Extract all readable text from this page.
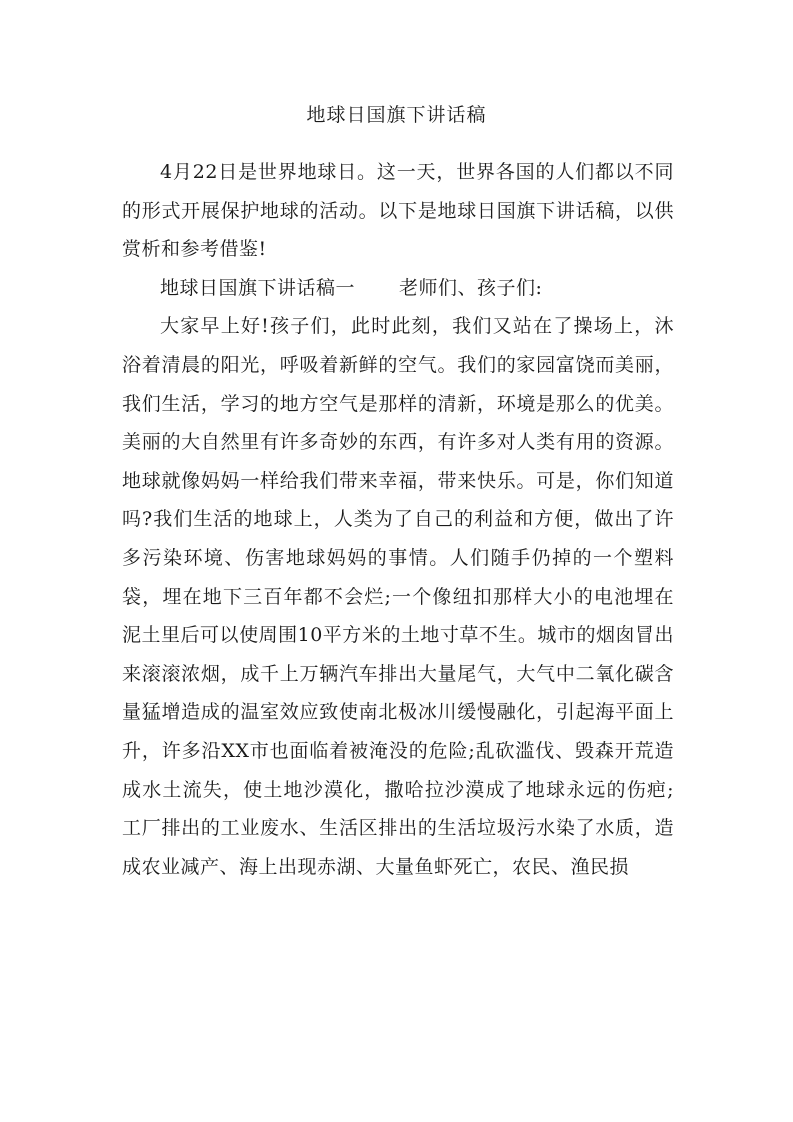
地球日国旗下讲话稿

4月22日是世界地球日。这一天，世界各国的人们都以不同的形式开展保护地球的活动。以下是地球日国旗下讲话稿，以供赏析和参考借鉴!

地球日国旗下讲话稿一 老师们、孩子们:

大家早上好!孩子们，此时此刻，我们又站在了操场上，沐浴着清晨的阳光，呼吸着新鲜的空气。我们的家园富饶而美丽，我们生活，学习的地方空气是那样的清新，环境是那么的优美。美丽的大自然里有许多奇妙的东西，有许多对人类有用的资源。地球就像妈妈一样给我们带来幸福，带来快乐。可是，你们知道吗?我们生活的地球上，人类为了自己的利益和方便，做出了许多污染环境、伤害地球妈妈的事情。人们随手仍掉的一个塑料袋，埋在地下三百年都不会烂;一个像纽扣那样大小的电池埋在泥土里后可以使周围10平方米的土地寸草不生。城市的烟囱冒出来滚滚浓烟，成千上万辆汽车排出大量尾气，大气中二氧化碳含量猛增造成的温室效应致使南北极冰川缓慢融化，引起海平面上升，许多沿XX市也面临着被淹没的危险;乱砍滥伐、毁森开荒造成水土流失，使土地沙漠化，撒哈拉沙漠成了地球永远的伤疤;工厂排出的工业废水、生活区排出的生活垃圾污水染了水质，造成农业减产、海上出现赤湖、大量鱼虾死亡，农民、渔民损
